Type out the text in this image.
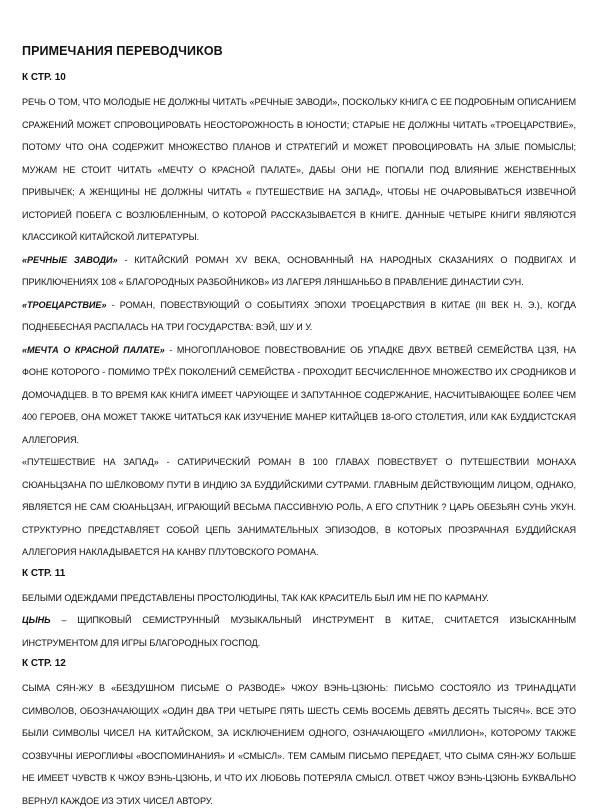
ПРИМЕЧАНИЯ ПЕРЕВОДЧИКОВ
К СТР. 10

РЕЧЬ О ТОМ, ЧТО МОЛОДЫЕ НЕ ДОЛЖНЫ ЧИТАТЬ «РЕЧНЫЕ ЗАВОДИ», ПОСКОЛЬКУ КНИГА С ЕЕ ПОДРОБНЫМ ОПИСАНИЕМ СРАЖЕНИЙ МОЖЕТ СПРОВОЦИРОВАТЬ НЕОСТОРОЖНОСТЬ В ЮНОСТИ; СТАРЫЕ НЕ ДОЛЖНЫ ЧИТАТЬ «ТРОЕЦАРСТВИЕ», ПОТОМУ ЧТО ОНА СОДЕРЖИТ МНОЖЕСТВО ПЛАНОВ И СТРАТЕГИЙ И МОЖЕТ ПРОВОЦИРОВАТЬ НА ЗЛЫЕ ПОМЫСЛЫ; МУЖАМ НЕ СТОИТ ЧИТАТЬ «МЕЧТУ О КРАСНОЙ ПАЛАТЕ», ДАБЫ ОНИ НЕ ПОПАЛИ ПОД ВЛИЯНИЕ ЖЕНСТВЕННЫХ ПРИВЫЧЕК; А ЖЕНЩИНЫ НЕ ДОЛЖНЫ ЧИТАТЬ « ПУТЕШЕСТВИЕ НА ЗАПАД», ЧТОБЫ НЕ ОЧАРОВЫВАТЬСЯ ИЗВЕЧНОЙ ИСТОРИЕЙ ПОБЕГА С ВОЗЛЮБЛЕННЫМ, О КОТОРОЙ РАССКАЗЫВАЕТСЯ В КНИГЕ. ДАННЫЕ ЧЕТЫРЕ КНИГИ ЯВЛЯЮТСЯ КЛАССИКОЙ КИТАЙСКОЙ ЛИТЕРАТУРЫ.

«РЕЧНЫЕ ЗАВОДИ» - КИТАЙСКИЙ РОМАН XV ВЕКА, ОСНОВАННЫЙ НА НАРОДНЫХ СКАЗАНИЯХ О ПОДВИГАХ И ПРИКЛЮЧЕНИЯХ 108 « БЛАГОРОДНЫХ РАЗБОЙНИКОВ» ИЗ ЛАГЕРЯ ЛЯНШАНЬБО В ПРАВЛЕНИЕ ДИНАСТИИ СУН.

«ТРОЕЦАРСТВИЕ» - РОМАН, ПОВЕСТВУЮЩИЙ О СОБЫТИЯХ ЭПОХИ ТРОЕЦАРСТВИЯ В КИТАЕ (III ВЕК Н. Э.), КОГДА ПОДНЕБЕСНАЯ РАСПАЛАСЬ НА ТРИ ГОСУДАРСТВА: ВЭЙ, ШУ И У.

«МЕЧТА О КРАСНОЙ ПАЛАТЕ» - МНОГОПЛАНОВОЕ ПОВЕСТВОВАНИЕ ОБ УПАДКЕ ДВУХ ВЕТВЕЙ СЕМЕЙСТВА ЦЗЯ, НА ФОНЕ КОТОРОГО - ПОМИМО ТРЁХ ПОКОЛЕНИЙ СЕМЕЙСТВА - ПРОХОДИТ БЕСЧИСЛЕННОЕ МНОЖЕСТВО ИХ СРОДНИКОВ И ДОМОЧАДЦЕВ. В ТО ВРЕМЯ КАК КНИГА ИМЕЕТ ЧАРУЮЩЕЕ И ЗАПУТАННОЕ СОДЕРЖАНИЕ, НАСЧИТЫВАЮЩЕЕ БОЛЕЕ ЧЕМ 400 ГЕРОЕВ, ОНА МОЖЕТ ТАКЖЕ ЧИТАТЬСЯ КАК ИЗУЧЕНИЕ МАНЕР КИТАЙЦЕВ 18-ОГО СТОЛЕТИЯ, ИЛИ КАК БУДДИСТСКАЯ АЛЛЕГОРИЯ.

«ПУТЕШЕСТВИЕ НА ЗАПАД» - САТИРИЧЕСКИЙ РОМАН В 100 ГЛАВАХ ПОВЕСТВУЕТ О ПУТЕШЕСТВИИ МОНАХА СЮАНЬЦЗАНА ПО ШЁЛКОВОМУ ПУТИ В ИНДИЮ ЗА БУДДИЙСКИМИ СУТРАМИ. ГЛАВНЫМ ДЕЙСТВУЮЩИМ ЛИЦОМ, ОДНАКО, ЯВЛЯЕТСЯ НЕ САМ СЮАНЬЦЗАН, ИГРАЮЩИЙ ВЕСЬМА ПАССИВНУЮ РОЛЬ, А ЕГО СПУТНИК ? ЦАРЬ ОБЕЗЬЯН СУНЬ УКУН. СТРУКТУРНО ПРЕДСТАВЛЯЕТ СОБОЙ ЦЕПЬ ЗАНИМАТЕЛЬНЫХ ЭПИЗОДОВ, В КОТОРЫХ ПРОЗРАЧНАЯ БУДДИЙСКАЯ АЛЛЕГОРИЯ НАКЛАДЫВАЕТСЯ НА КАНВУ ПЛУТОВСКОГО РОМАНА.

К СТР. 11

БЕЛЫМИ ОДЕЖДАМИ ПРЕДСТАВЛЕНЫ ПРОСТОЛЮДИНЫ, ТАК КАК КРАСИТЕЛЬ БЫЛ ИМ НЕ ПО КАРМАНУ.

ЦЫНЬ – ЩИПКОВЫЙ СЕМИСТРУННЫЙ МУЗЫКАЛЬНЫЙ ИНСТРУМЕНТ В КИТАЕ, СЧИТАЕТСЯ ИЗЫСКАННЫМ ИНСТРУМЕНТОМ ДЛЯ ИГРЫ БЛАГОРОДНЫХ ГОСПОД.

К СТР. 12

СЫМА СЯН-ЖУ В «БЕЗДУШНОМ ПИСЬМЕ О РАЗВОДЕ» ЧЖОУ ВЭНЬ-ЦЗЮНЬ: ПИСЬМО СОСТОЯЛО ИЗ ТРИНАДЦАТИ СИМВОЛОВ, ОБОЗНАЧАЮЩИХ «ОДИН ДВА ТРИ ЧЕТЫРЕ ПЯТЬ ШЕСТЬ СЕМЬ ВОСЕМЬ ДЕВЯТЬ ДЕСЯТЬ ТЫСЯЧ». ВСЕ ЭТО БЫЛИ СИМВОЛЫ ЧИСЕЛ НА КИТАЙСКОМ, ЗА ИСКЛЮЧЕНИЕМ ОДНОГО, ОЗНАЧАЮЩЕГО «МИЛЛИОН», КОТОРОМУ ТАКЖЕ СОЗВУЧНЫ ИЕРОГЛИФЫ «ВОСПОМИНАНИЯ» И «СМЫСЛ». ТЕМ САМЫМ ПИСЬМО ПЕРЕДАЕТ, ЧТО СЫМА СЯН-ЖУ БОЛЬШЕ НЕ ИМЕЕТ ЧУВСТВ К ЧЖОУ ВЭНЬ-ЦЗЮНЬ, И ЧТО ИХ ЛЮБОВЬ ПОТЕРЯЛА СМЫСЛ. ОТВЕТ ЧЖОУ ВЭНЬ-ЦЗЮНЬ БУКВАЛЬНО ВЕРНУЛ КАЖДОЕ ИЗ ЭТИХ ЧИСЕЛ АВТОРУ.
